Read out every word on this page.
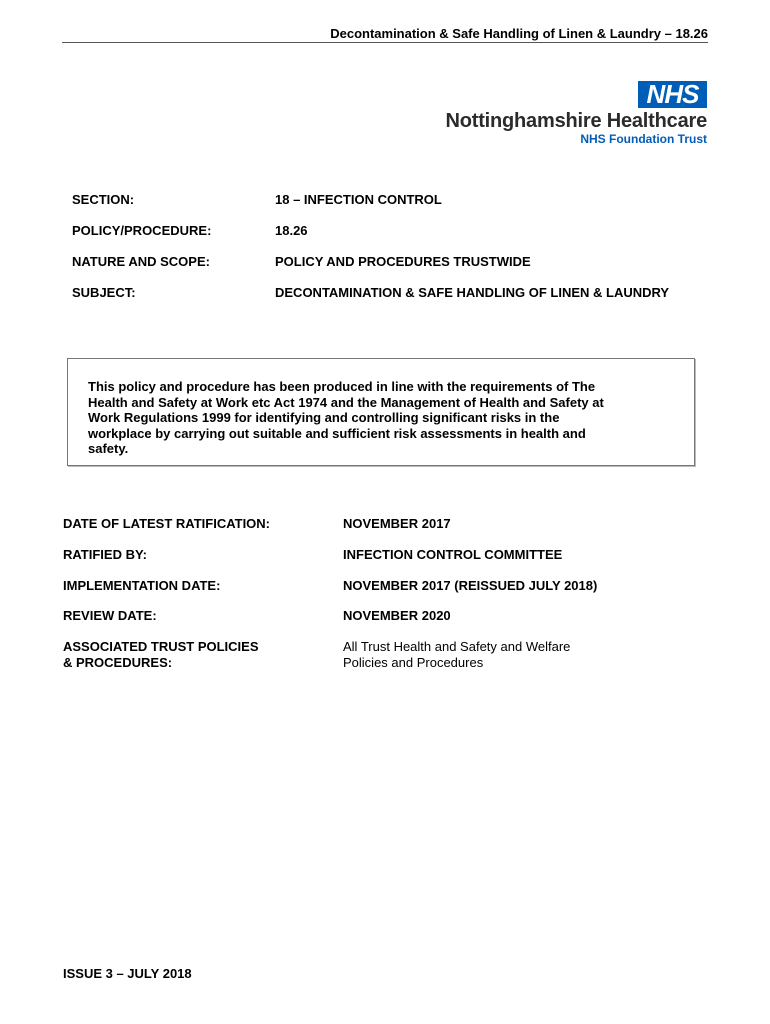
Decontamination & Safe Handling of Linen & Laundry – 18.26
NHS
Nottinghamshire Healthcare
NHS Foundation Trust
SECTION:	18 – INFECTION CONTROL
POLICY/PROCEDURE:	18.26
NATURE AND SCOPE:	POLICY AND PROCEDURES TRUSTWIDE
SUBJECT:	DECONTAMINATION & SAFE HANDLING OF LINEN & LAUNDRY

This policy and procedure has been produced in line with the requirements of The
Health and Safety at Work etc Act 1974 and the Management of Health and Safety at
Work Regulations 1999 for identifying and controlling significant risks in the
workplace by carrying out suitable and sufficient risk assessments in health and
safety.

DATE OF LATEST RATIFICATION:	NOVEMBER 2017
RATIFIED BY:	INFECTION CONTROL COMMITTEE
IMPLEMENTATION DATE:	NOVEMBER 2017 (REISSUED JULY 2018)
REVIEW DATE:	NOVEMBER 2020
ASSOCIATED TRUST POLICIES
& PROCEDURES:
All Trust Health and Safety and Welfare
Policies and Procedures
ISSUE 3 – JULY 2018
